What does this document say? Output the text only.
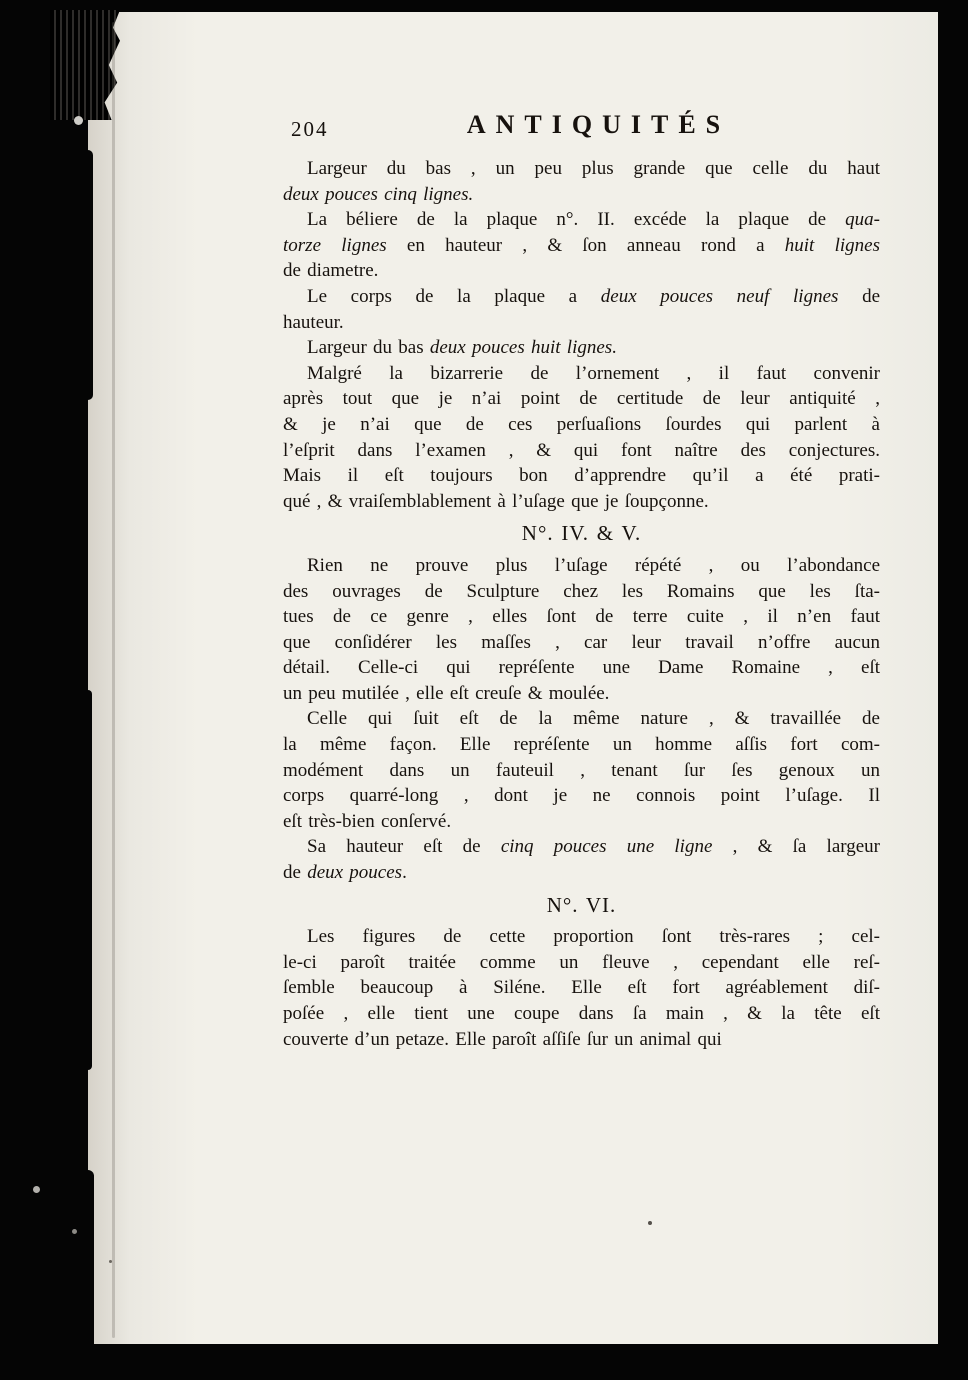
204	ANTIQUITÉS
Largeur du bas , un peu plus grande que celle du haut
deux pouces cinq lignes.
La béliere de la plaque n°. II. excéde la plaque de qua-
torze lignes en hauteur , & ſon anneau rond a huit lignes
de diametre.
Le corps de la plaque a deux pouces neuf lignes de
hauteur.
Largeur du bas deux pouces huit lignes.
Malgré la bizarrerie de l’ornement , il faut convenir
après tout que je n’ai point de certitude de leur antiquité ,
& je n’ai que de ces perſuaſions ſourdes qui parlent à
l’eſprit dans l’examen , & qui font naître des conjectures.
Mais il eſt toujours bon d’apprendre qu’il a été prati-
qué , & vraiſemblablement à l’uſage que je ſoupçonne.
N°. IV. & V.
Rien ne prouve plus l’uſage répété , ou l’abondance
des ouvrages de Sculpture chez les Romains que les ſta-
tues de ce genre , elles ſont de terre cuite , il n’en faut
que conſidérer les maſſes , car leur travail n’offre aucun
détail. Celle-ci qui repréſente une Dame Romaine , eſt
un peu mutilée , elle eſt creuſe & moulée.
Celle qui ſuit eſt de la même nature , & travaillée de
la même façon. Elle repréſente un homme aſſis fort com-
modément dans un fauteuil , tenant ſur ſes genoux un
corps quarré-long , dont je ne connois point l’uſage. Il
eſt très-bien conſervé.
Sa hauteur eſt de cinq pouces une ligne , & ſa largeur
de deux pouces.
N°. VI.
Les figures de cette proportion ſont très-rares ; cel-
le-ci paroît traitée comme un fleuve , cependant elle reſ-
ſemble beaucoup à Siléne. Elle eſt fort agréablement diſ-
poſée , elle tient une coupe dans ſa main , & la tête eſt
couverte d’un petaze. Elle paroît aſſiſe ſur un animal qui
